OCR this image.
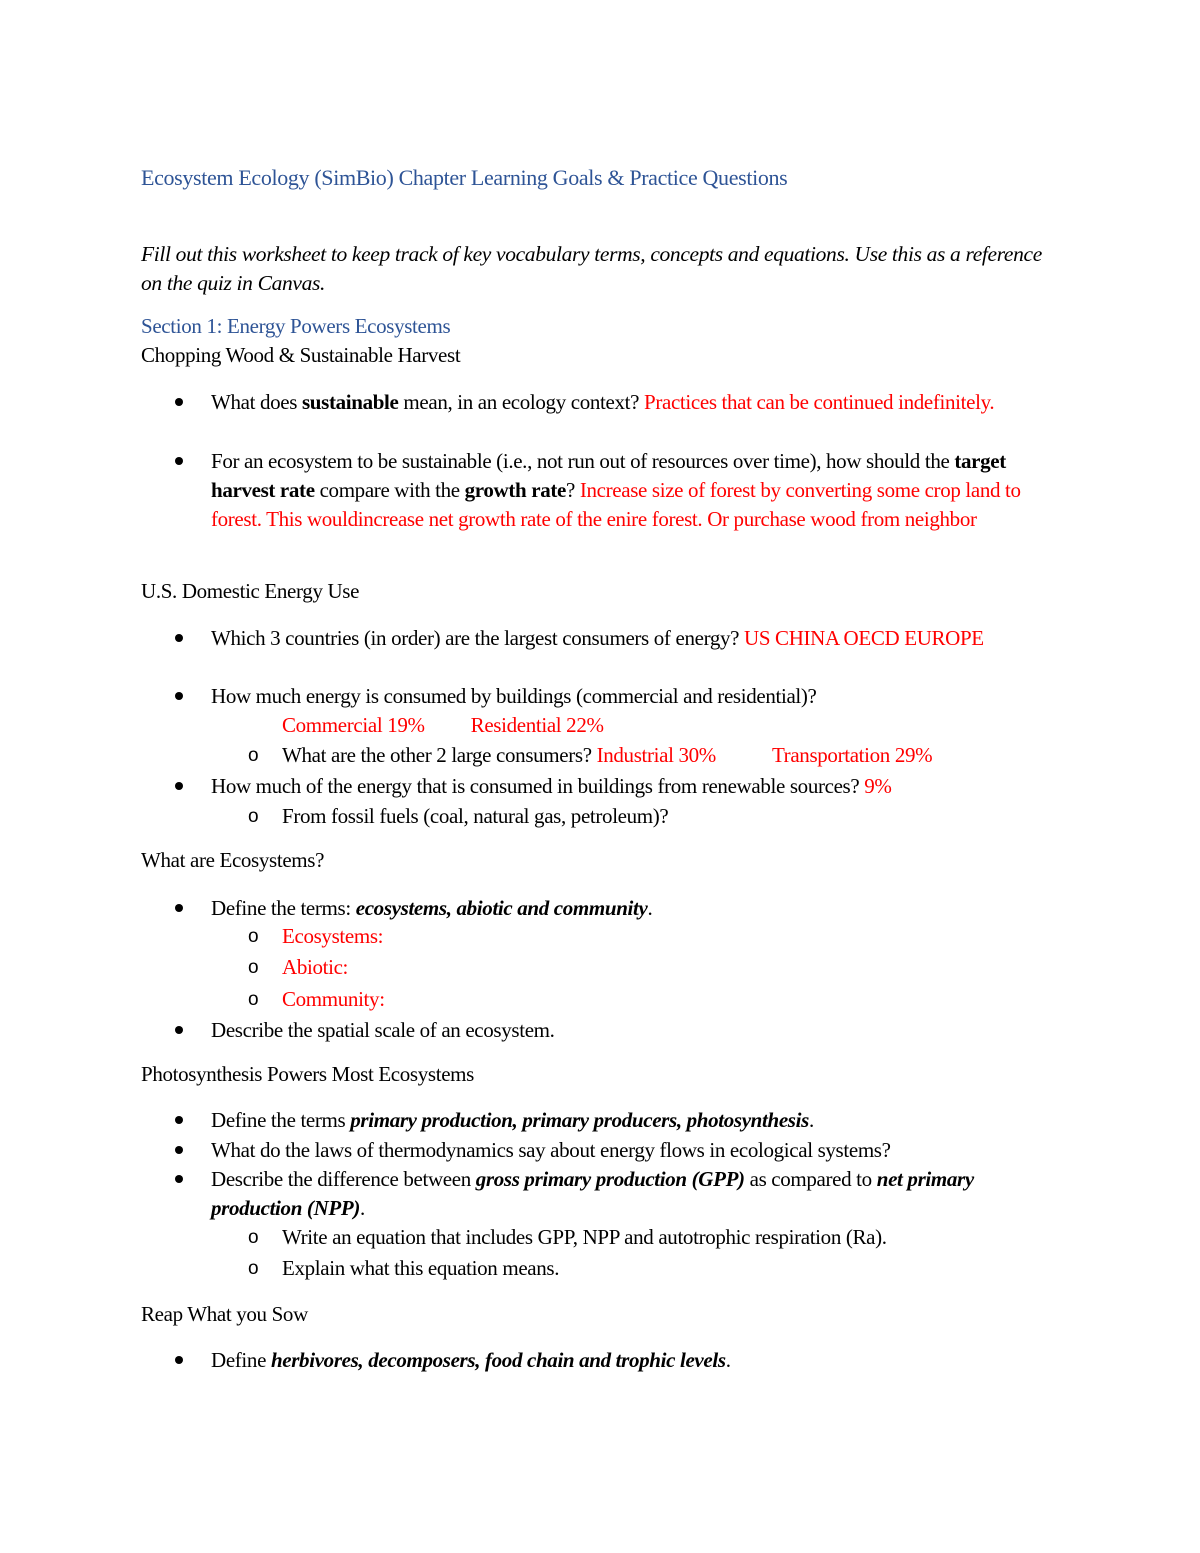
Ecosystem Ecology (SimBio) Chapter Learning Goals & Practice Questions
Fill out this worksheet to keep track of key vocabulary terms, concepts and equations. Use this as a reference on the quiz in Canvas.
Section 1: Energy Powers Ecosystems
Chopping Wood & Sustainable Harvest
What does sustainable mean, in an ecology context? Practices that can be continued indefinitely.
For an ecosystem to be sustainable (i.e., not run out of resources over time), how should the target harvest rate compare with the growth rate? Increase size of forest by converting some crop land to forest. This wouldincrease net growth rate of the enire forest. Or purchase wood from neighbor
U.S. Domestic Energy Use
Which 3 countries (in order) are the largest consumers of energy? US CHINA OECD EUROPE
How much energy is consumed by buildings (commercial and residential)?
Commercial 19% Residential 22%
o What are the other 2 large consumers? Industrial 30%	Transportation 29%
How much of the energy that is consumed in buildings from renewable sources? 9%
o From fossil fuels (coal, natural gas, petroleum)?
What are Ecosystems?
Define the terms: ecosystems, abiotic and community.
o Ecosystems:
o Abiotic:
o Community:
Describe the spatial scale of an ecosystem.
Photosynthesis Powers Most Ecosystems
Define the terms primary production, primary producers, photosynthesis.
What do the laws of thermodynamics say about energy flows in ecological systems?
Describe the difference between gross primary production (GPP) as compared to net primary production (NPP).
o Write an equation that includes GPP, NPP and autotrophic respiration (Ra).
o Explain what this equation means.
Reap What you Sow
Define herbivores, decomposers, food chain and trophic levels.
